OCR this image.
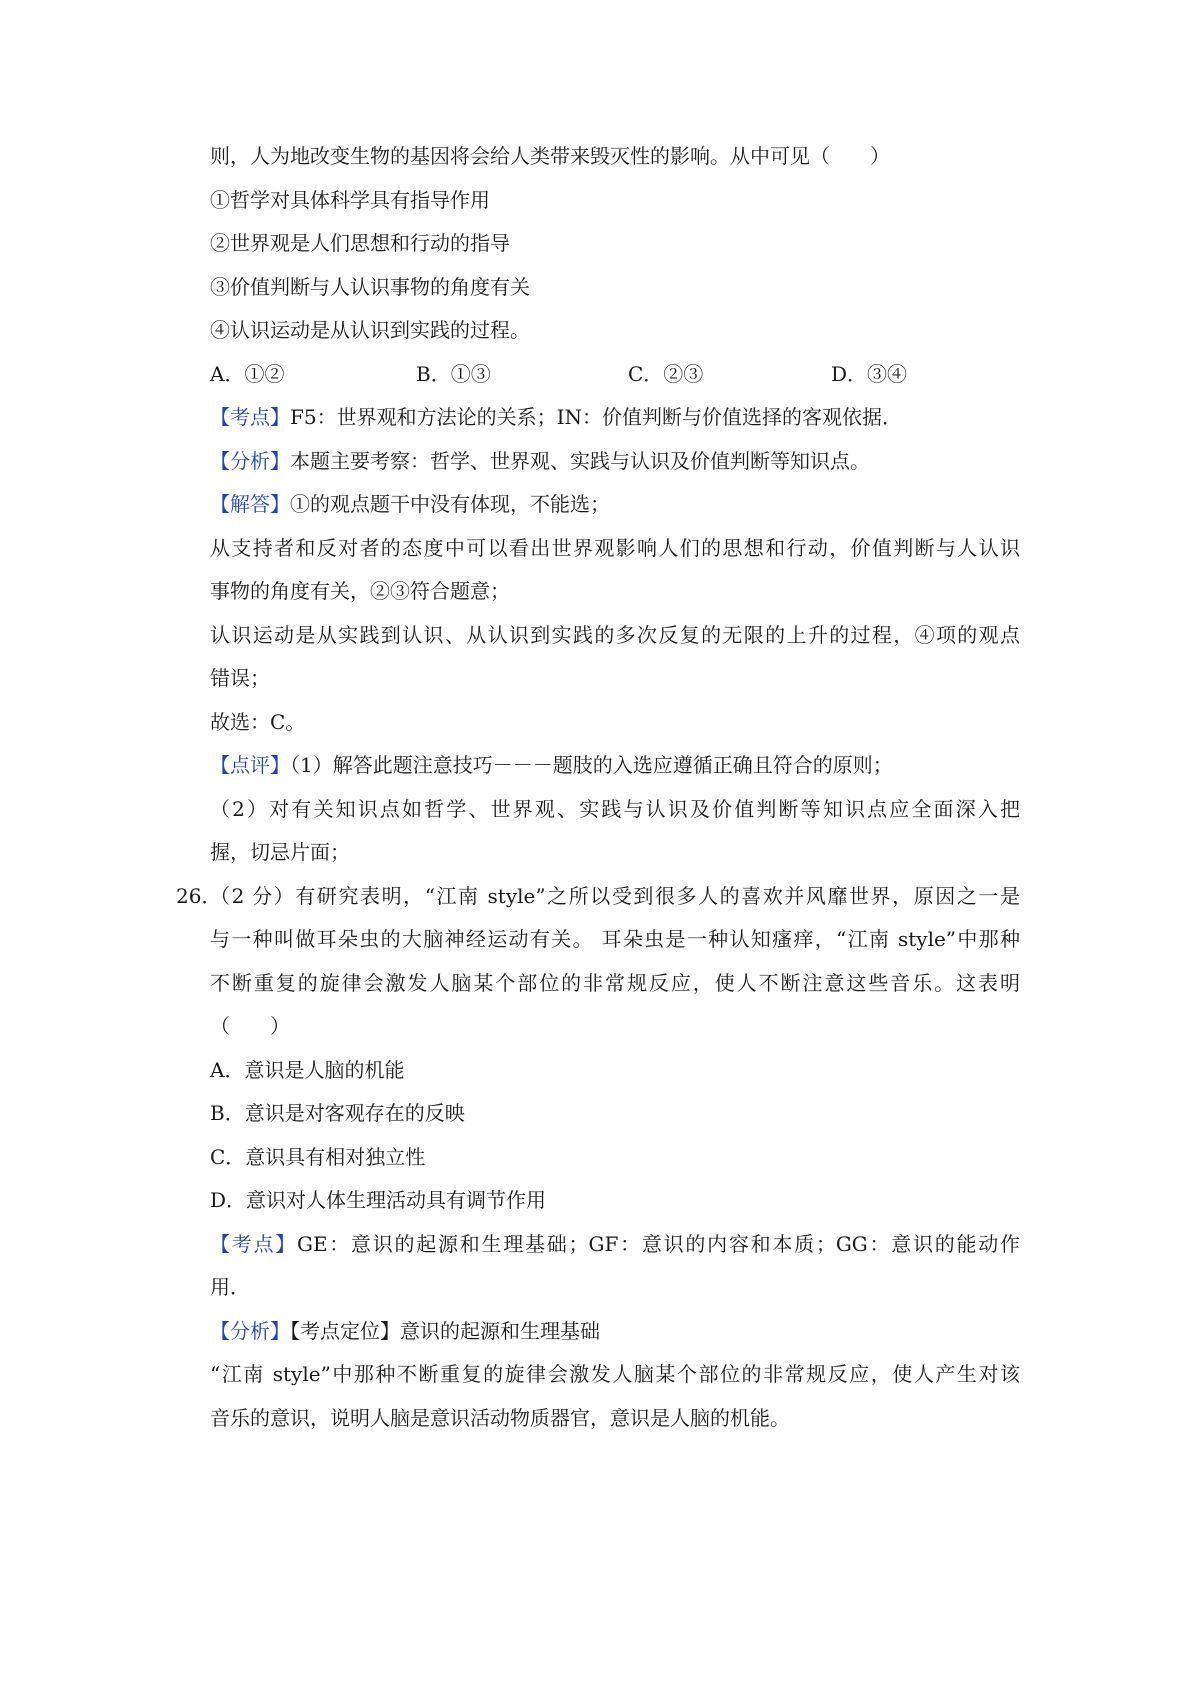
则，人为地改变生物的基因将会给人类带来毁灭性的影响。从中可见（　　）
①哲学对具体科学具有指导作用
②世界观是人们思想和行动的指导
③价值判断与人认识事物的角度有关
④认识运动是从认识到实践的过程。
A．①②	B．①③	C．②③	D．③④
【考点】F5：世界观和方法论的关系；IN：价值判断与价值选择的客观依据．
【分析】本题主要考察：哲学、世界观、实践与认识及价值判断等知识点。
【解答】①的观点题干中没有体现，不能选；
从支持者和反对者的态度中可以看出世界观影响人们的思想和行动，价值判断与人认识
事物的角度有关，②③符合题意；
认识运动是从实践到认识、从认识到实践的多次反复的无限的上升的过程，④项的观点
错误；
故选：C。
【点评】（1）解答此题注意技巧－－－题肢的入选应遵循正确且符合的原则；
（2）对有关知识点如哲学、世界观、实践与认识及价值判断等知识点应全面深入把
握，切忌片面；
26．
（2 分）有研究表明，“江南 style”之所以受到很多人的喜欢并风靡世界，原因之一是
与一种叫做耳朵虫的大脑神经运动有关。 耳朵虫是一种认知瘙痒，“江南 style”中那种
不断重复的旋律会激发人脑某个部位的非常规反应，使人不断注意这些音乐。这表明
（　　）
A．意识是人脑的机能
B．意识是对客观存在的反映
C．意识具有相对独立性
D．意识对人体生理活动具有调节作用
【考点】GE：意识的起源和生理基础；GF：意识的内容和本质；GG：意识的能动作
用．
【分析】【考点定位】意识的起源和生理基础
“江南 style”中那种不断重复的旋律会激发人脑某个部位的非常规反应，使人产生对该
音乐的意识，说明人脑是意识活动物质器官，意识是人脑的机能。
